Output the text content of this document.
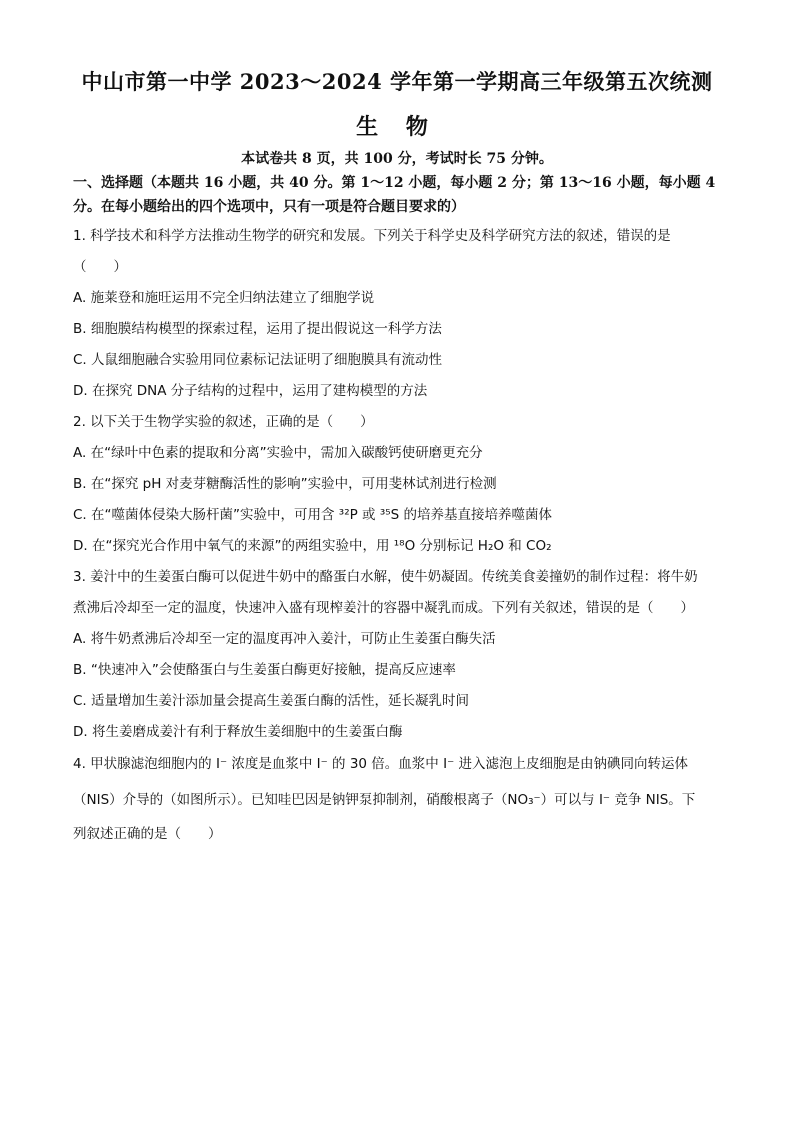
中山市第一中学 2023～2024 学年第一学期高三年级第五次统测
生 物
本试卷共 8 页，共 100 分，考试时长 75 分钟。
一、选择题（本题共 16 小题，共 40 分。第 1～12 小题，每小题 2 分；第 13～16 小题，每小题 4 分。在每小题给出的四个选项中，只有一项是符合题目要求的）
1. 科学技术和科学方法推动生物学的研究和发展。下列关于科学史及科学研究方法的叙述，错误的是
（　　）
A. 施莱登和施旺运用不完全归纳法建立了细胞学说
B. 细胞膜结构模型的探索过程，运用了提出假说这一科学方法
C. 人鼠细胞融合实验用同位素标记法证明了细胞膜具有流动性
D. 在探究 DNA 分子结构的过程中，运用了建构模型的方法
2. 以下关于生物学实验的叙述，正确的是（　　）
A. 在“绿叶中色素的提取和分离”实验中，需加入碳酸钙使研磨更充分
B. 在“探究 pH 对麦芽糖酶活性的影响”实验中，可用斐林试剂进行检测
C. 在“噬菌体侵染大肠杆菌”实验中，可用含 ³²P 或 ³⁵S 的培养基直接培养噬菌体
D. 在“探究光合作用中氧气的来源”的两组实验中，用 ¹⁸O 分别标记 H₂O 和 CO₂
3. 姜汁中的生姜蛋白酶可以促进牛奶中的酪蛋白水解，使牛奶凝固。传统美食姜撞奶的制作过程：将牛奶
煮沸后冷却至一定的温度，快速冲入盛有现榨姜汁的容器中凝乳而成。下列有关叙述，错误的是（　　）
A. 将牛奶煮沸后冷却至一定的温度再冲入姜汁，可防止生姜蛋白酶失活
B. “快速冲入”会使酪蛋白与生姜蛋白酶更好接触，提高反应速率
C. 适量增加生姜汁添加量会提高生姜蛋白酶的活性，延长凝乳时间
D. 将生姜磨成姜汁有利于释放生姜细胞中的生姜蛋白酶
4. 甲状腺滤泡细胞内的 I⁻ 浓度是血浆中 I⁻ 的 30 倍。血浆中 I⁻ 进入滤泡上皮细胞是由钠碘同向转运体
（NIS）介导的（如图所示）。已知哇巴因是钠钾泵抑制剂，硝酸根离子（NO₃⁻）可以与 I⁻ 竞争 NIS。下
列叙述正确的是（　　）
